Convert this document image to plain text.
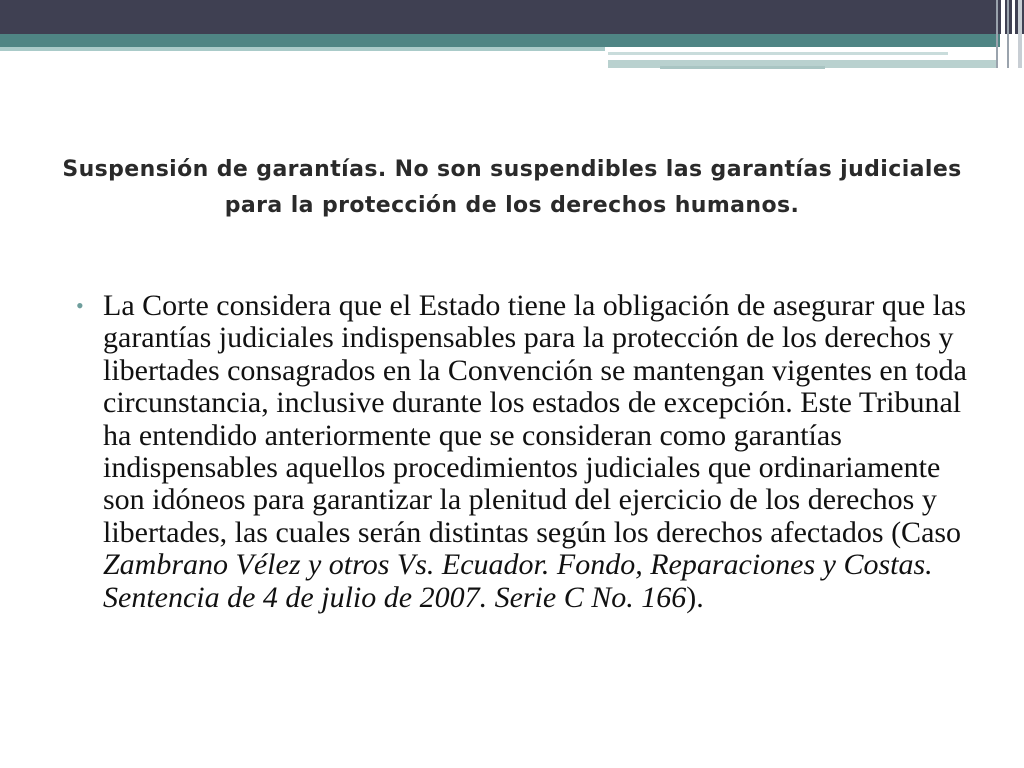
Suspensión de garantías. No son suspendibles las garantías judiciales para la protección de los derechos humanos.
• La Corte considera que el Estado tiene la obligación de asegurar que las garantías judiciales indispensables para la protección de los derechos y libertades consagrados en la Convención se mantengan vigentes en toda circunstancia, inclusive durante los estados de excepción. Este Tribunal ha entendido anteriormente que se consideran como garantías indispensables aquellos procedimientos judiciales que ordinariamente son idóneos para garantizar la plenitud del ejercicio de los derechos y libertades, las cuales serán distintas según los derechos afectados (Caso Zambrano Vélez y otros Vs. Ecuador. Fondo, Reparaciones y Costas. Sentencia de 4 de julio de 2007. Serie C No. 166).
